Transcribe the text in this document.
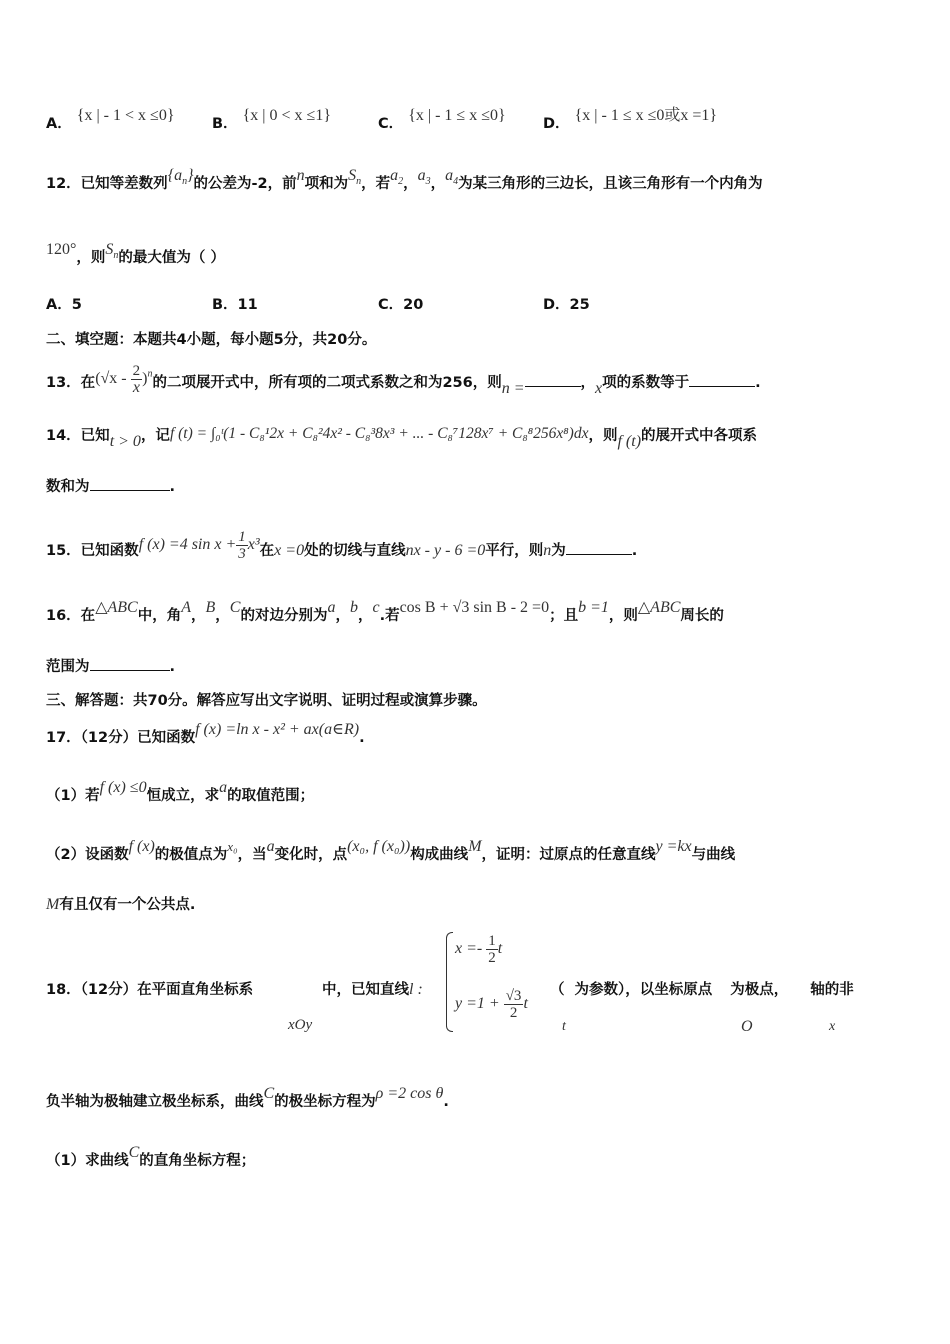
A． {x | - 1 < x ≤0}	B． {x | 0 < x ≤1}	C． {x | - 1 ≤ x ≤0}	D． {x | - 1 ≤ x ≤0或x =1}
12．已知等差数列$\{a_n\}$的公差为-2，前n项和为$S_n$，若$a_2$，$a_3$，$a_4$为某三角形的三边长，且该三角形有一个内角为
120°，则$S_n$的最大值为（ ）
A．5	B．11	C．20	D．25
二、填空题：本题共4小题，每小题5分，共20分。
13．在$(√x - \frac{2}{x} )^n$的二项展开式中，所有项的二项式系数之和为256，则n =	，x项的系数等于	.
14．已知t > 0，记f (t) = ∫₀ᵗ(1 - C₈¹2x + C₈²4x² - C₈³8x³ + ... - C₈⁷128x⁷ + C₈⁸256x⁸)dx，则f (t)的展开式中各项系
数和为	.
15．已知函数f (x) =4 $\sin x + \frac{1}{3} x^3$在x =0处的切线与直线nx - y - 6 =0平行，则n为	.
16．在△ABC中，角A，B，C的对边分别为a，b，c.若cos B + √3 sin B - 2 =0；且b =1，则△ABC周长的
范围为	.
三、解答题：共70分。解答应写出文字说明、证明过程或演算步骤。
17．（12分）已知函数f (x) =ln x - x² + ax(a∈R).
（1）若f (x) ≤0恒成立，求a的取值范围；
（2）设函数f (x)的极值点为x₀，当a变化时，点(x₀, f (x₀))构成曲线M，证明：过原点的任意直线y =kx与曲线
M有且仅有一个公共点.
18．（12分）在平面直角坐标系
xOy
中，已知直线l :
$x =- \frac{1}{2}$ t
$y =1 + \frac{√3}{2}$ t
（ 为参数），以坐标原点 为极点， 轴的非
t	O	x
负半轴为极轴建立极坐标系，曲线C的极坐标方程为ρ =2 cos θ.
（1）求曲线C的直角坐标方程；
